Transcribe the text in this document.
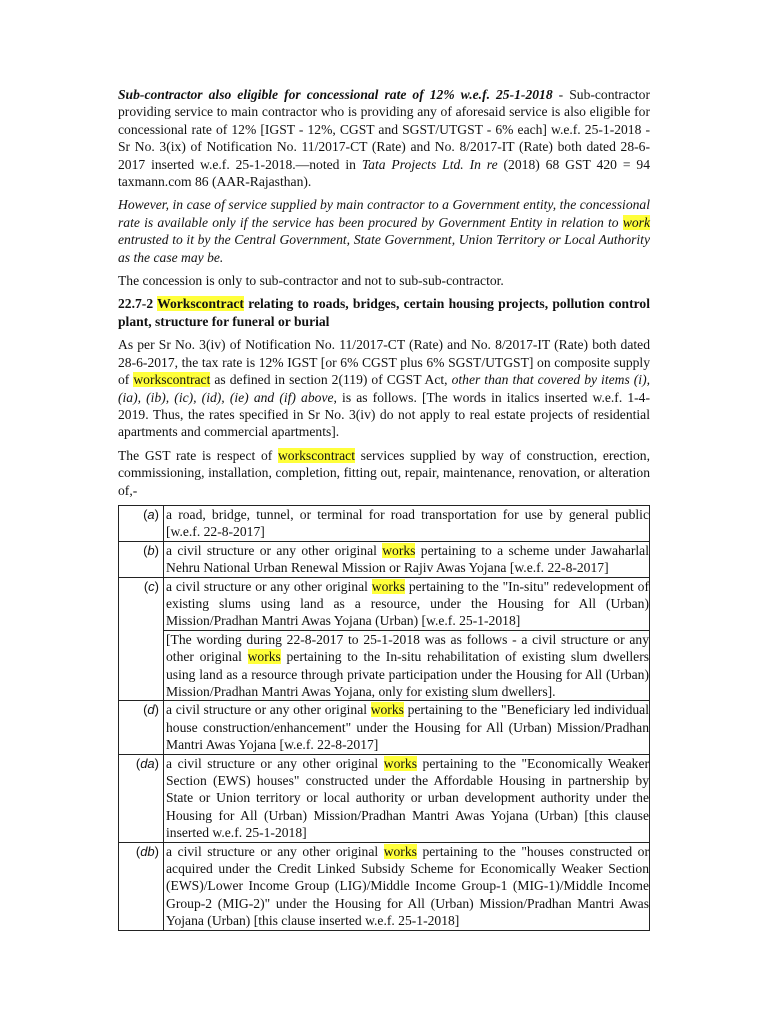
Sub-contractor also eligible for concessional rate of 12% w.e.f. 25-1-2018 - Sub-contractor providing service to main contractor who is providing any of aforesaid service is also eligible for concessional rate of 12% [IGST - 12%, CGST and SGST/UTGST - 6% each] w.e.f. 25-1-2018 - Sr No. 3(ix) of Notification No. 11/2017-CT (Rate) and No. 8/2017-IT (Rate) both dated 28-6-2017 inserted w.e.f. 25-1-2018.—noted in Tata Projects Ltd. In re (2018) 68 GST 420 = 94 taxmann.com 86 (AAR-Rajasthan).

However, in case of service supplied by main contractor to a Government entity, the concessional rate is available only if the service has been procured by Government Entity in relation to work entrusted to it by the Central Government, State Government, Union Territory or Local Authority as the case may be.

The concession is only to sub-contractor and not to sub-sub-contractor.

22.7-2 Workscontract relating to roads, bridges, certain housing projects, pollution control plant, structure for funeral or burial

As per Sr No. 3(iv) of Notification No. 11/2017-CT (Rate) and No. 8/2017-IT (Rate) both dated 28-6-2017, the tax rate is 12% IGST [or 6% CGST plus 6% SGST/UTGST] on composite supply of workscontract as defined in section 2(119) of CGST Act, other than that covered by items (i), (ia), (ib), (ic), (id), (ie) and (if) above, is as follows. [The words in italics inserted w.e.f. 1-4-2019. Thus, the rates specified in Sr No. 3(iv) do not apply to real estate projects of residential apartments and commercial apartments].

The GST rate is respect of workscontract services supplied by way of construction, erection, commissioning, installation, completion, fitting out, repair, maintenance, renovation, or alteration of,-

(a)	a road, bridge, tunnel, or terminal for road transportation for use by general public [w.e.f. 22-8-2017]
(b)	a civil structure or any other original works pertaining to a scheme under Jawaharlal Nehru National Urban Renewal Mission or Rajiv Awas Yojana [w.e.f. 22-8-2017]
(c)	a civil structure or any other original works pertaining to the "In-situ" redevelopment of existing slums using land as a resource, under the Housing for All (Urban) Mission/Pradhan Mantri Awas Yojana (Urban) [w.e.f. 25-1-2018]
	[The wording during 22-8-2017 to 25-1-2018 was as follows - a civil structure or any other original works pertaining to the In-situ rehabilitation of existing slum dwellers using land as a resource through private participation under the Housing for All (Urban) Mission/Pradhan Mantri Awas Yojana, only for existing slum dwellers].
(d)	a civil structure or any other original works pertaining to the "Beneficiary led individual house construction/enhancement" under the Housing for All (Urban) Mission/Pradhan Mantri Awas Yojana [w.e.f. 22-8-2017]
(da)	a civil structure or any other original works pertaining to the "Economically Weaker Section (EWS) houses" constructed under the Affordable Housing in partnership by State or Union territory or local authority or urban development authority under the Housing for All (Urban) Mission/Pradhan Mantri Awas Yojana (Urban) [this clause inserted w.e.f. 25-1-2018]
(db)	a civil structure or any other original works pertaining to the "houses constructed or acquired under the Credit Linked Subsidy Scheme for Economically Weaker Section (EWS)/Lower Income Group (LIG)/Middle Income Group-1 (MIG-1)/Middle Income Group-2 (MIG-2)" under the Housing for All (Urban) Mission/Pradhan Mantri Awas Yojana (Urban) [this clause inserted w.e.f. 25-1-2018]
